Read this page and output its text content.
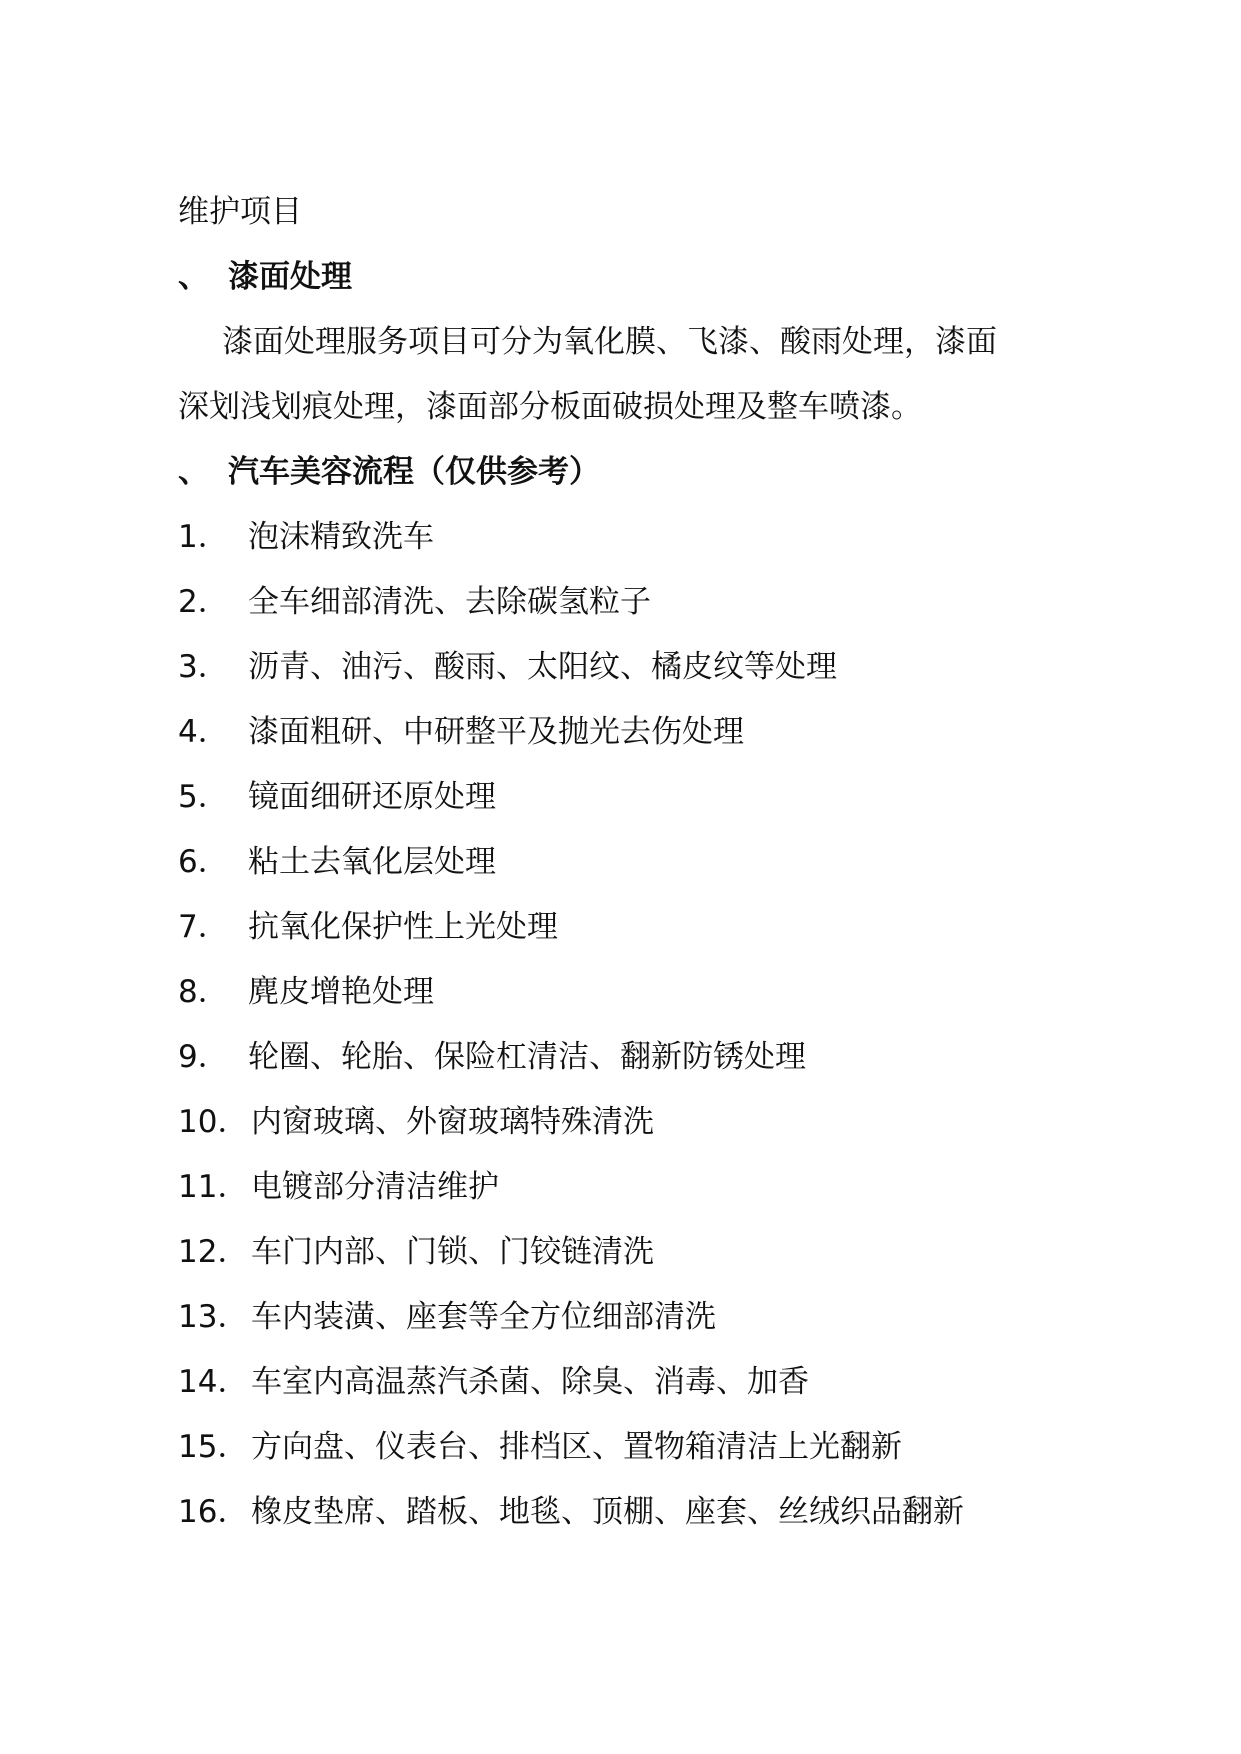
维护项目
、 漆面处理
漆面处理服务项目可分为氧化膜、飞漆、酸雨处理，漆面
深划浅划痕处理，漆面部分板面破损处理及整车喷漆。
、 汽车美容流程（仅供参考）
1． 泡沫精致洗车
2． 全车细部清洗、去除碳氢粒子
3． 沥青、油污、酸雨、太阳纹、橘皮纹等处理
4． 漆面粗研、中研整平及抛光去伤处理
5． 镜面细研还原处理
6． 粘土去氧化层处理
7． 抗氧化保护性上光处理
8． 麂皮增艳处理
9． 轮圈、轮胎、保险杠清洁、翻新防锈处理
10．内窗玻璃、外窗玻璃特殊清洗
11．电镀部分清洁维护
12．车门内部、门锁、门铰链清洗
13．车内装潢、座套等全方位细部清洗
14．车室内高温蒸汽杀菌、除臭、消毒、加香
15．方向盘、仪表台、排档区、置物箱清洁上光翻新
16．橡皮垫席、踏板、地毯、顶棚、座套、丝绒织品翻新
